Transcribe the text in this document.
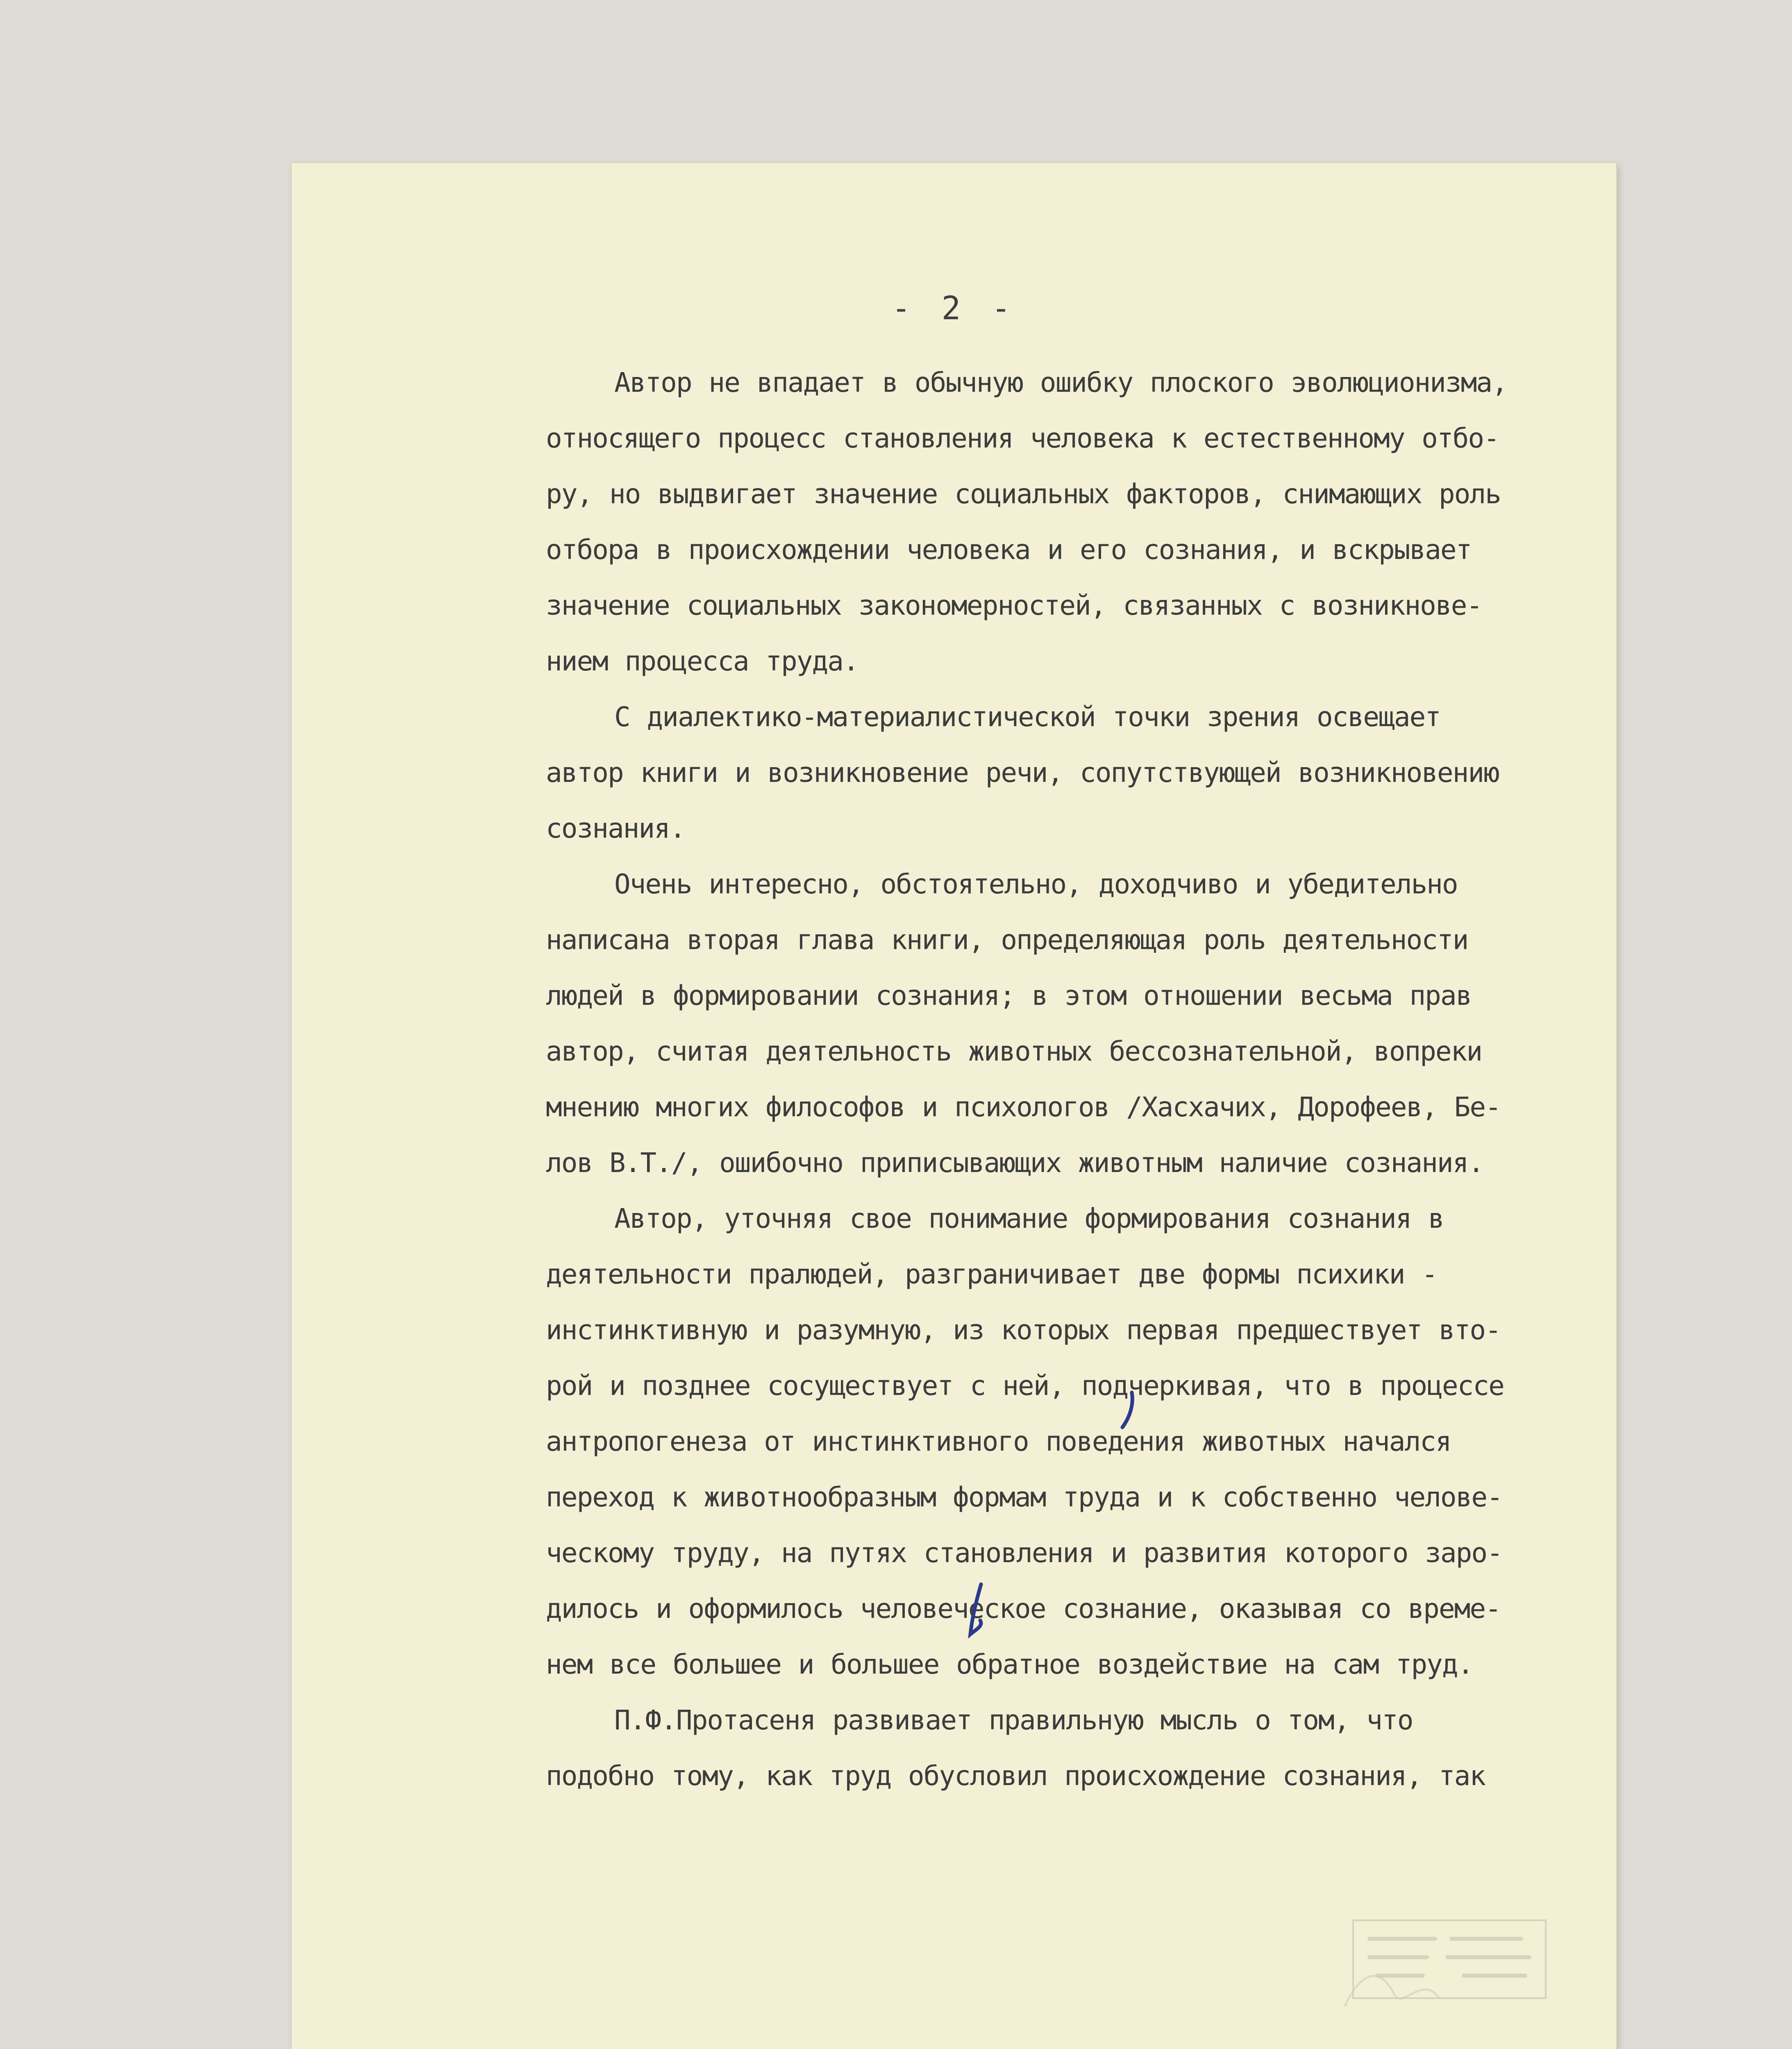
- 2 -
Автор не впадает в обычную ошибку плоского эволюционизма,
относящего процесс становления человека к естественному отбо-
ру, но выдвигает значение социальных факторов, снимающих роль
отбора в происхождении человека и его сознания, и вскрывает
значение социальных закономерностей, связанных с возникнове-
нием процесса труда.
С диалектико-материалистической точки зрения освещает
автор книги и возникновение речи, сопутствующей возникновению
сознания.
Очень интересно, обстоятельно, доходчиво и убедительно
написана вторая глава книги, определяющая роль деятельности
людей в формировании сознания; в этом отношении весьма прав
автор, считая деятельность животных бессознательной, вопреки
мнению многих философов и психологов /Хасхачих, Дорофеев, Бе-
лов В.Т./, ошибочно приписывающих животным наличие сознания.
Автор, уточняя свое понимание формирования сознания в
деятельности пралюдей, разграничивает две формы психики -
инстинктивную и разумную, из которых первая предшествует вто-
рой и позднее сосуществует с ней, подчеркивая, что в процессе
антропогенеза от инстинктивного поведения животных начался
переход к животнообразным формам труда и к собственно челове-
ческому труду, на путях становления и развития которого заро-
дилось и оформилось человеческое сознание, оказывая со време-
нем все большее и большее обратное воздействие на сам труд.
П.Ф.Протасеня развивает правильную мысль о том, что
подобно тому, как труд обусловил происхождение сознания, так
